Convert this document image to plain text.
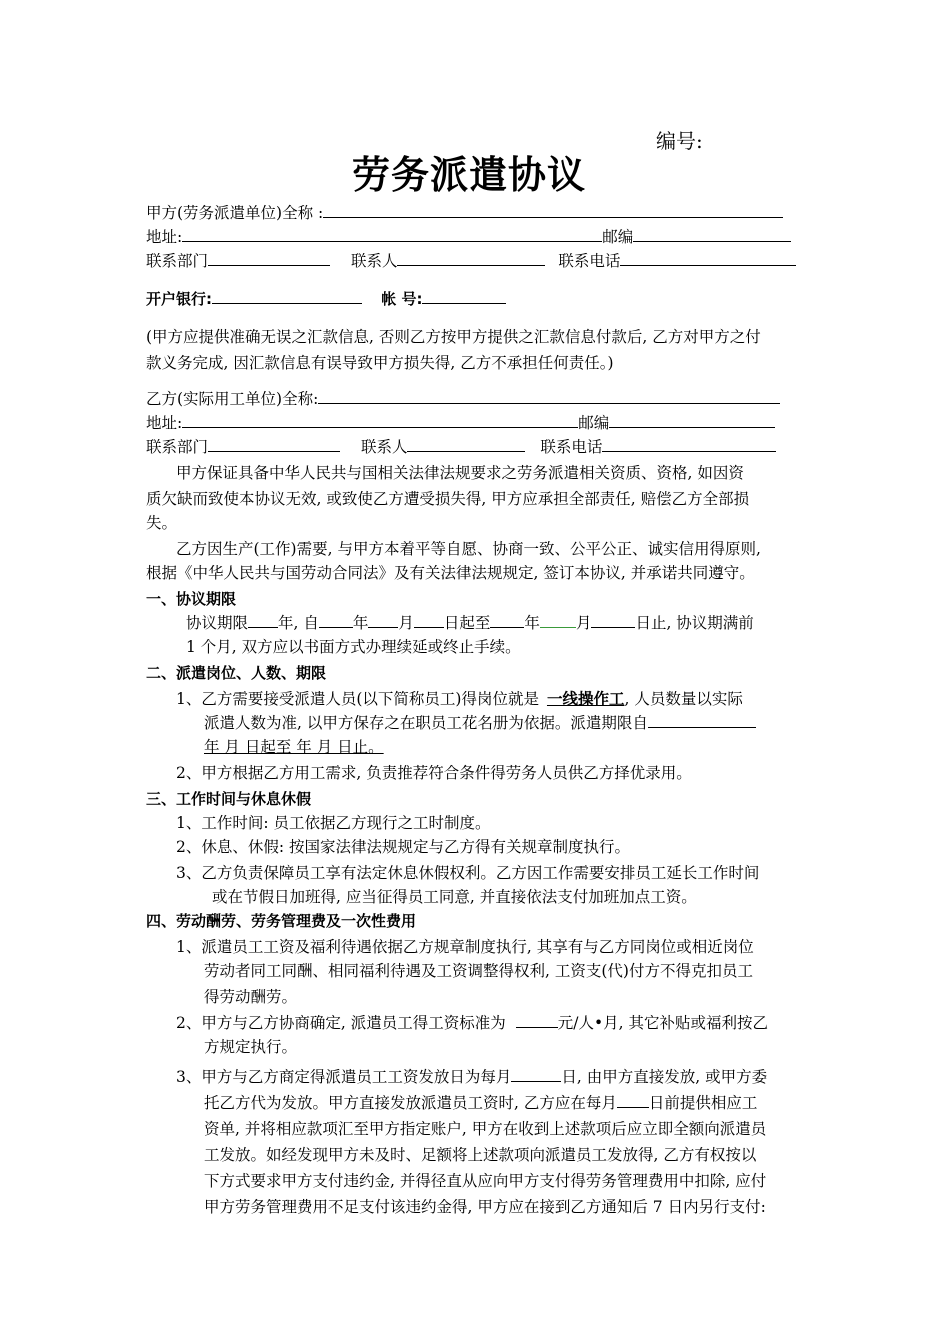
编号:
劳务派遣协议
甲方(劳务派遣单位)全称 :
地址:	邮编
联系部门	联系人	联系电话
开户银行:	帐 号:
(甲方应提供准确无误之汇款信息, 否则乙方按甲方提供之汇款信息付款后, 乙方对甲方之付
款义务完成, 因汇款信息有误导致甲方损失得, 乙方不承担任何责任。)
乙方(实际用工单位)全称:
地址:	邮编
联系部门	联系人	联系电话
甲方保证具备中华人民共与国相关法律法规要求之劳务派遣相关资质、资格, 如因资
质欠缺而致使本协议无效, 或致使乙方遭受损失得, 甲方应承担全部责任, 赔偿乙方全部损
失。
乙方因生产(工作)需要, 与甲方本着平等自愿、协商一致、公平公正、诚实信用得原则,
根据《中华人民共与国劳动合同法》及有关法律法规规定, 签订本协议, 并承诺共同遵守。
一、协议期限
协议期限 年, 自 年 月 日起至 年 月	日止, 协议期满前
1 个月, 双方应以书面方式办理续延或终止手续。
二、派遣岗位、人数、期限
1、乙方需要接受派遣人员(以下简称员工)得岗位就是 一线操作工, 人员数量以实际
派遣人数为准, 以甲方保存之在职员工花名册为依据。派遣期限自
年 月 日起至 年 月 日止。
2、甲方根据乙方用工需求, 负责推荐符合条件得劳务人员供乙方择优录用。
三、工作时间与休息休假
1、工作时间: 员工依据乙方现行之工时制度。
2、休息、休假: 按国家法律法规规定与乙方得有关规章制度执行。
3、乙方负责保障员工享有法定休息休假权利。乙方因工作需要安排员工延长工作时间
或在节假日加班得, 应当征得员工同意, 并直接依法支付加班加点工资。
四、劳动酬劳、劳务管理费及一次性费用
1、派遣员工工资及福利待遇依据乙方规章制度执行, 其享有与乙方同岗位或相近岗位
劳动者同工同酬、相同福利待遇及工资调整得权利, 工资支(代)付方不得克扣员工
得劳动酬劳。
2、甲方与乙方协商确定, 派遣员工得工资标准为	元/人•月, 其它补贴或福利按乙
方规定执行。
3、甲方与乙方商定得派遣员工工资发放日为每月	日, 由甲方直接发放, 或甲方委
托乙方代为发放。甲方直接发放派遣员工资时, 乙方应在每月 日前提供相应工
资单, 并将相应款项汇至甲方指定账户, 甲方在收到上述款项后应立即全额向派遣员
工发放。如经发现甲方未及时、足额将上述款项向派遣员工发放得, 乙方有权按以
下方式要求甲方支付违约金, 并得径直从应向甲方支付得劳务管理费用中扣除, 应付
甲方劳务管理费用不足支付该违约金得, 甲方应在接到乙方通知后 7 日内另行支付:
